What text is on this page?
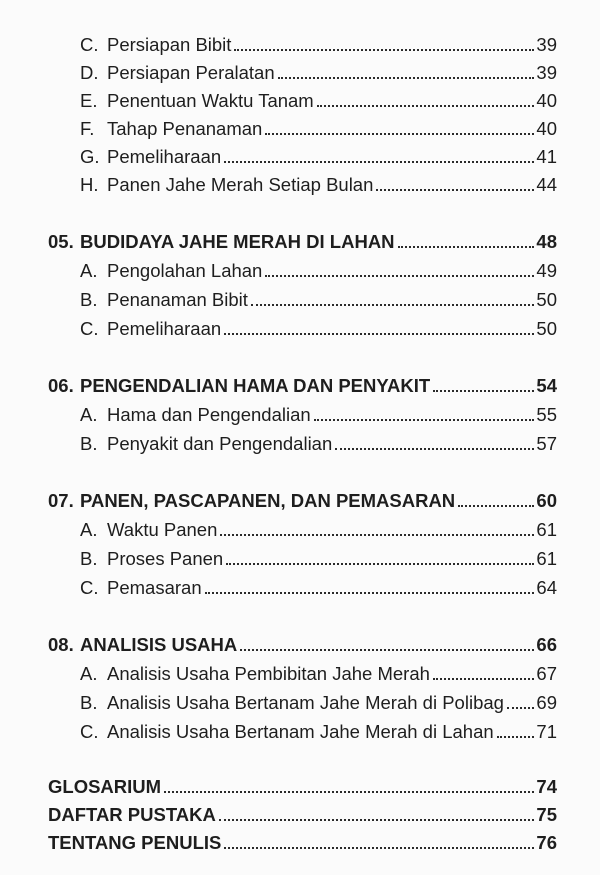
C. Persiapan Bibit	39
D. Persiapan Peralatan	39
E. Penentuan Waktu Tanam	40
F. Tahap Penanaman	40
G. Pemeliharaan	41
H. Panen Jahe Merah Setiap Bulan	44
05. BUDIDAYA JAHE MERAH DI LAHAN	48
A. Pengolahan Lahan	49
B. Penanaman Bibit	50
C. Pemeliharaan	50
06. PENGENDALIAN HAMA DAN PENYAKIT	54
A. Hama dan Pengendalian	55
B. Penyakit dan Pengendalian	57
07. PANEN, PASCAPANEN, DAN PEMASARAN	60
A. Waktu Panen	61
B. Proses Panen	61
C. Pemasaran	64
08. ANALISIS USAHA	66
A. Analisis Usaha Pembibitan Jahe Merah	67
B. Analisis Usaha Bertanam Jahe Merah di Polibag 69
C. Analisis Usaha Bertanam Jahe Merah di Lahan 71
GLOSARIUM	74
DAFTAR PUSTAKA	75
TENTANG PENULIS	76
